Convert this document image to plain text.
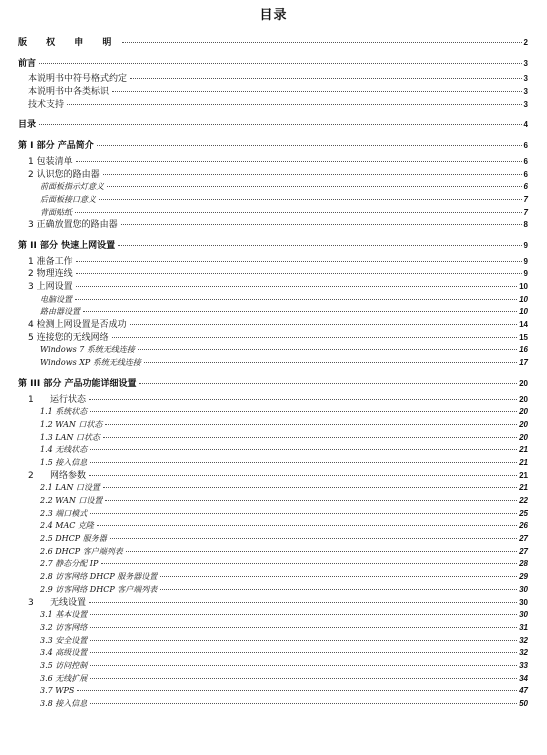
目录
版 权 申 明	2
前言	3
本说明书中符号格式约定	3
本说明书中各类标识	3
技术支持	3
目录	4
第 I 部分 产品简介	6
1 包装清单	6
2 认识您的路由器	6
前面板指示灯意义	6
后面板接口意义	7
背面贴纸	7
3 正确放置您的路由器	8
第 II 部分 快速上网设置	9
1 准备工作	9
2 物理连线	9
3 上网设置	10
电脑设置	10
路由器设置	10
4 检测上网设置是否成功	14
5 连接您的无线网络	15
Windows 7 系统无线连接	16
Windows XP 系统无线连接	17
第 III 部分 产品功能详细设置	20
1 运行状态	20
1.1 系统状态	20
1.2 WAN 口状态	20
1.3 LAN 口状态	20
1.4 无线状态	21
1.5 接入信息	21
2 网络参数	21
2.1 LAN 口设置	21
2.2 WAN 口设置	22
2.3 端口模式	25
2.4 MAC 克隆	26
2.5 DHCP 服务器	27
2.6 DHCP 客户端列表	27
2.7 静态分配 IP	28
2.8 访客网络 DHCP 服务器设置	29
2.9 访客网络 DHCP 客户端列表	30
3 无线设置	30
3.1 基本设置	30
3.2 访客网络	31
3.3 安全设置	32
3.4 高级设置	32
3.5 访问控制	33
3.6 无线扩展	34
3.7 WPS	47
3.8 接入信息	50
